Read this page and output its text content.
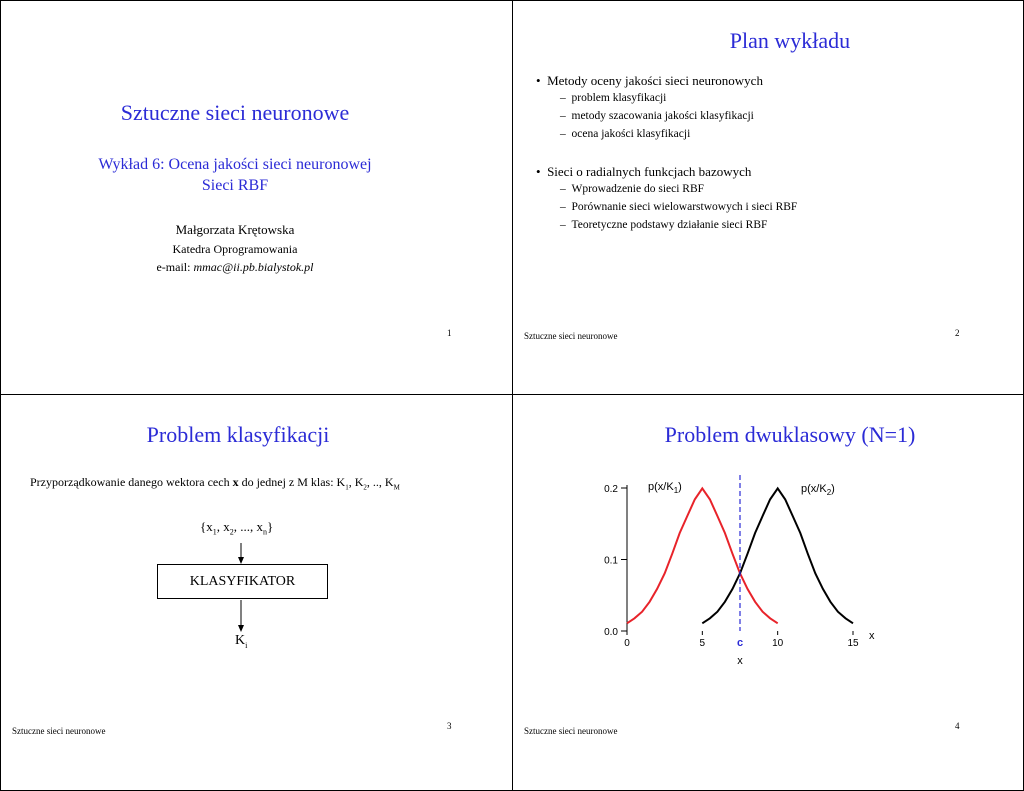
Sztuczne sieci neuronowe
Wykład 6: Ocena jakości sieci neuronowej
Sieci RBF
Małgorzata Krętowska
Katedra Oprogramowania
e-mail: mmac@ii.pb.bialystok.pl
1
Plan wykładu
• Metody oceny jakości sieci neuronowych
– problem klasyfikacji
– metody szacowania jakości klasyfikacji
– ocena jakości klasyfikacji
• Sieci o radialnych funkcjach bazowych
– Wprowadzenie do sieci RBF
– Porównanie sieci wielowarstwowych i sieci RBF
– Teoretyczne podstawy działanie sieci RBF
Sztuczne sieci neuronowe	2
Problem klasyfikacji
Przyporządkowanie danego wektora cech x do jednej z M klas: $K_1$, $K_2$, .., $K_M$
{$x_1$, $x_2$, ..., $x_n$}
KLASYFIKATOR
$K_i$
Sztuczne sieci neuronowe	3
Problem dwuklasowy (N=1)
0.0
0.1
0.2
0	5	10	15
c
x
x
$p(x/K_1)$	$p(x/K_2)$
Sztuczne sieci neuronowe	4
